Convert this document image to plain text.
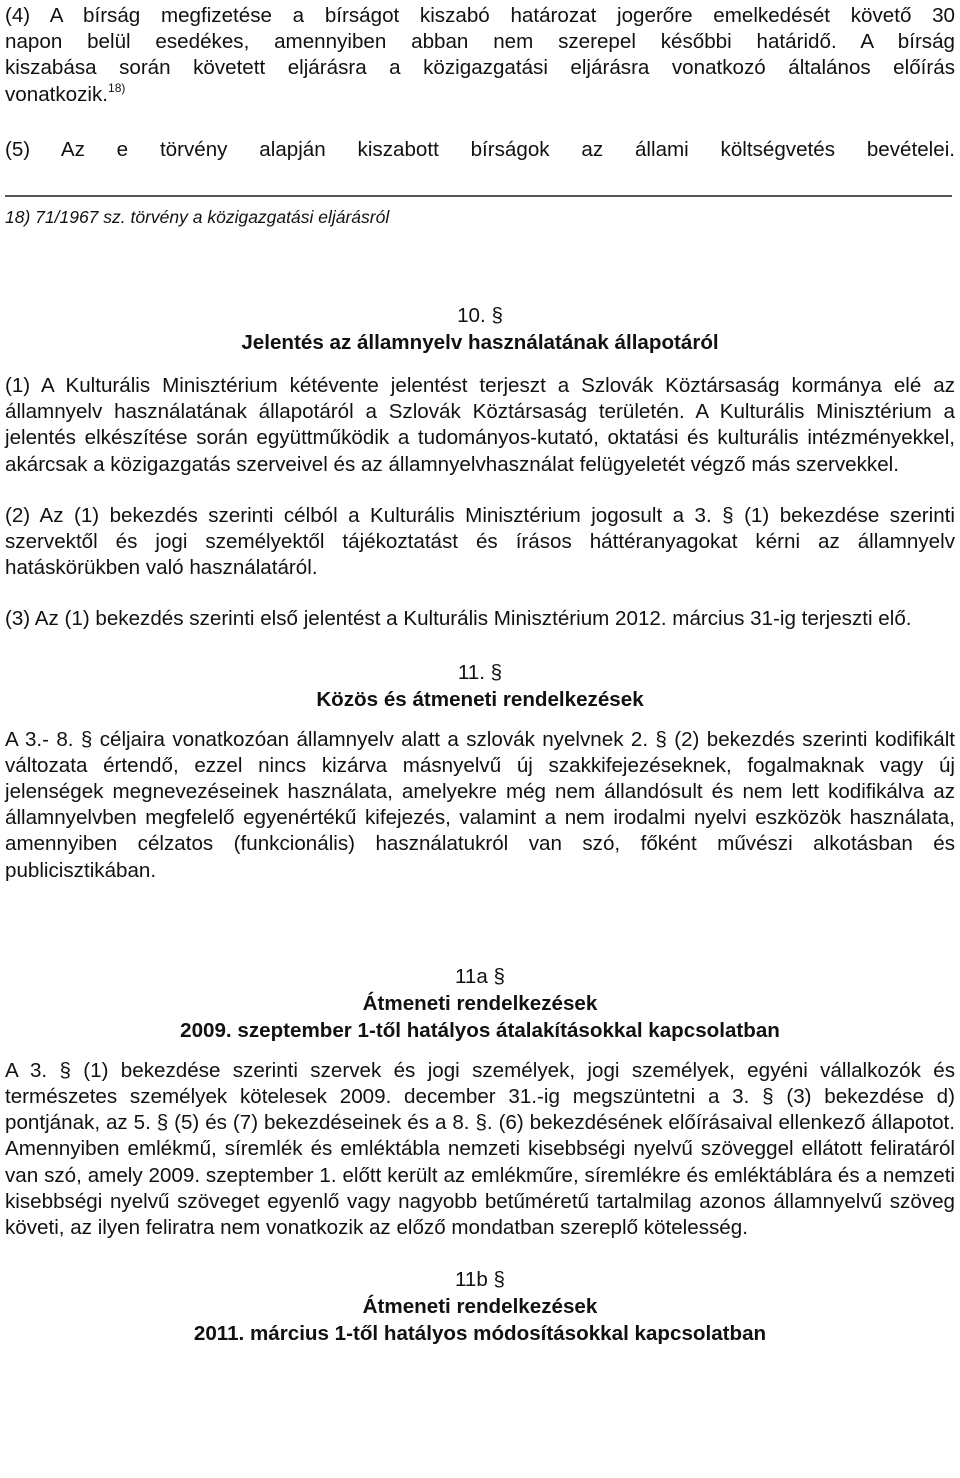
(4) A bírság megfizetése a bírságot kiszabó határozat jogerőre emelkedését követő 30

napon belül esedékes, amennyiben abban nem szerepel későbbi határidő. A bírság

kiszabása során követett eljárásra a közigazgatási eljárásra vonatkozó általános előírás

vonatkozik.$^{18)}$

(5) Az e törvény alapján kiszabott bírságok az állami költségvetés bevételei.

18) 71/1967 sz. törvény a közigazgatási eljárásról

10. §
Jelentés az államnyelv használatának állapotáról

(1) A Kulturális Minisztérium kétévente jelentést terjeszt a Szlovák Köztársaság kormánya elé az államnyelv használatának állapotáról a Szlovák Köztársaság területén. A Kulturális Minisztérium a jelentés elkészítése során együttműködik a tudományos-kutató, oktatási és kulturális intézményekkel, akárcsak a közigazgatás szerveivel és az államnyelvhasználat felügyeletét végző más szervekkel.

(2) Az (1) bekezdés szerinti célból a Kulturális Minisztérium jogosult a 3. § (1) bekezdése szerinti szervektől és jogi személyektől tájékoztatást és írásos háttéranyagokat kérni az államnyelv hatáskörükben való használatáról.

(3) Az (1) bekezdés szerinti első jelentést a Kulturális Minisztérium 2012. március 31-ig terjeszti elő.

11. §
Közös és átmeneti rendelkezések

A 3.- 8. § céljaira vonatkozóan államnyelv alatt a szlovák nyelvnek 2. § (2) bekezdés szerinti kodifikált változata értendő, ezzel nincs kizárva másnyelvű új szakkifejezéseknek, fogalmaknak vagy új jelenségek megnevezéseinek használata, amelyekre még nem állandósult és nem lett kodifikálva az államnyelvben megfelelő egyenértékű kifejezés, valamint a nem irodalmi nyelvi eszközök használata, amennyiben célzatos (funkcionális) használatukról van szó, főként művészi alkotásban és publicisztikában.

11a §
Átmeneti rendelkezések
2009. szeptember 1-től hatályos átalakításokkal kapcsolatban

A 3. § (1) bekezdése szerinti szervek és jogi személyek, jogi személyek, egyéni vállalkozók és természetes személyek kötelesek 2009. december 31.-ig megszüntetni a 3. § (3) bekezdése d) pontjának, az 5. § (5) és (7) bekezdéseinek és a 8. §. (6) bekezdésének előírásaival ellenkező állapotot. Amennyiben emlékmű, síremlék és emléktábla nemzeti kisebbségi nyelvű szöveggel ellátott feliratáról van szó, amely 2009. szeptember 1. előtt került az emlékműre, síremlékre és emléktáblára és a nemzeti kisebbségi nyelvű szöveget egyenlő vagy nagyobb betűméretű tartalmilag azonos államnyelvű szöveg követi, az ilyen feliratra nem vonatkozik az előző mondatban szereplő kötelesség.

11b §
Átmeneti rendelkezések
2011. március 1-től hatályos módosításokkal kapcsolatban
